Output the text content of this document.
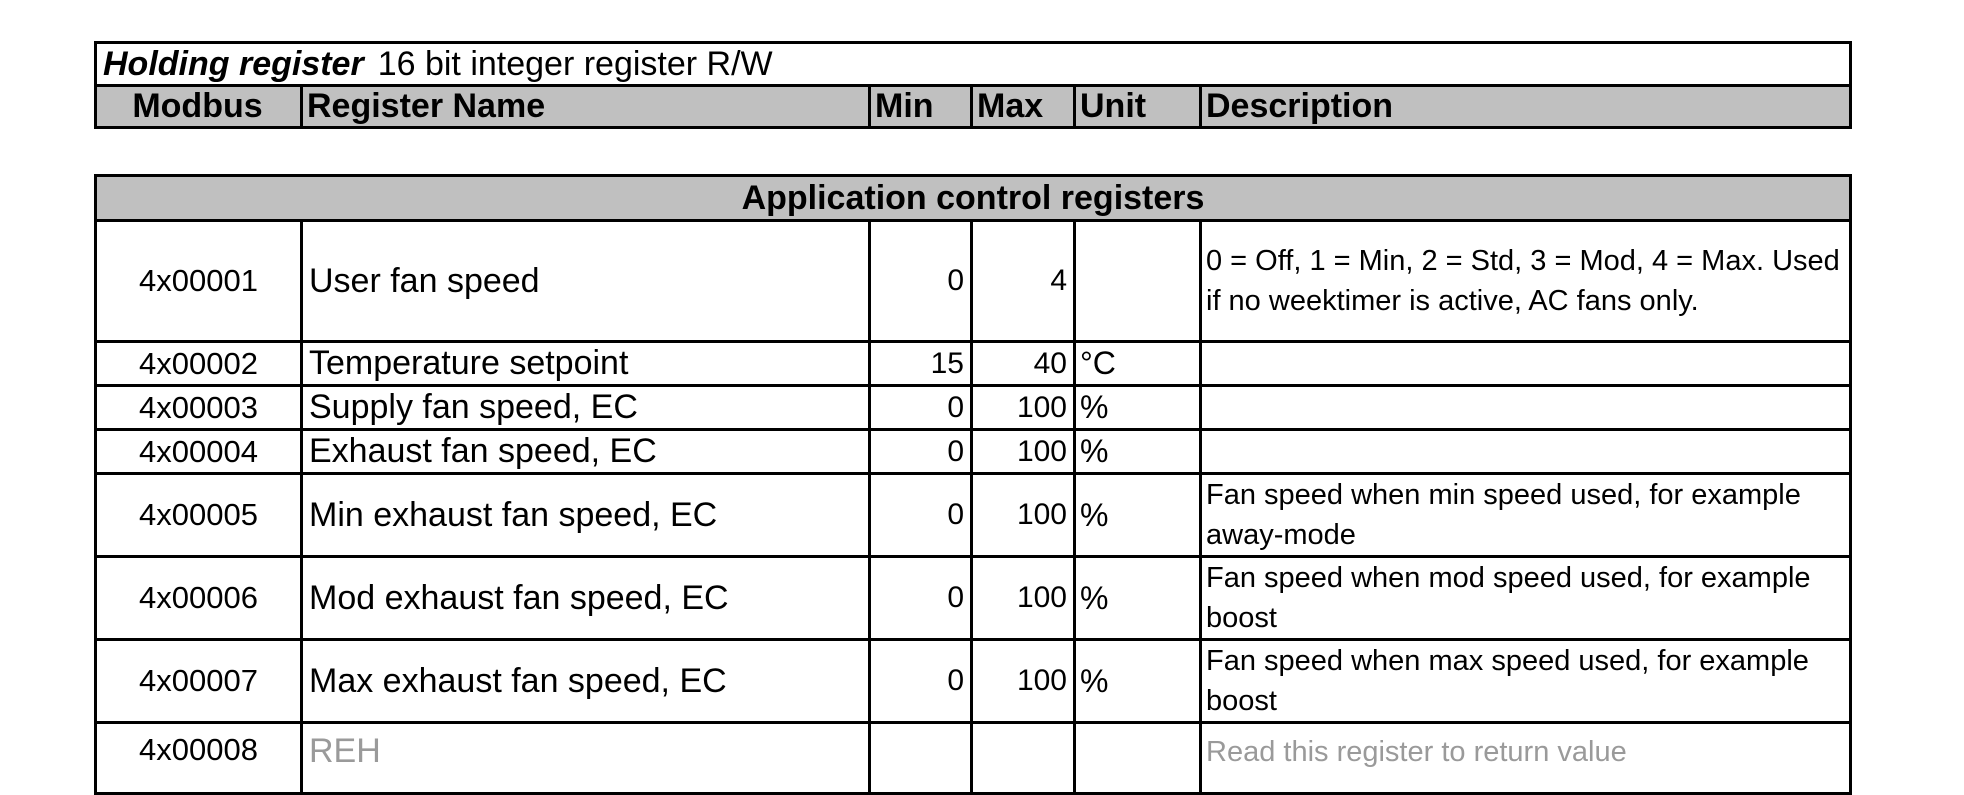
Holding register 16 bit integer register R/W
Modbus	Register Name	Min	Max	Unit	Description
Application control registers					
4x00001	User fan speed	0	4		0 = Off, 1 = Min, 2 = Std, 3 = Mod, 4 = Max. Used if no weektimer is active, AC fans only.
4x00002	Temperature setpoint	15	40	°C	
4x00003	Supply fan speed, EC	0	100	%	
4x00004	Exhaust fan speed, EC	0	100	%	
4x00005	Min exhaust fan speed, EC	0	100	%	Fan speed when min speed used, for example away-mode
4x00006	Mod exhaust fan speed, EC	0	100	%	Fan speed when mod speed used, for example boost
4x00007	Max exhaust fan speed, EC	0	100	%	Fan speed when max speed used, for example boost
4x00008	REH				Read this register to return value
